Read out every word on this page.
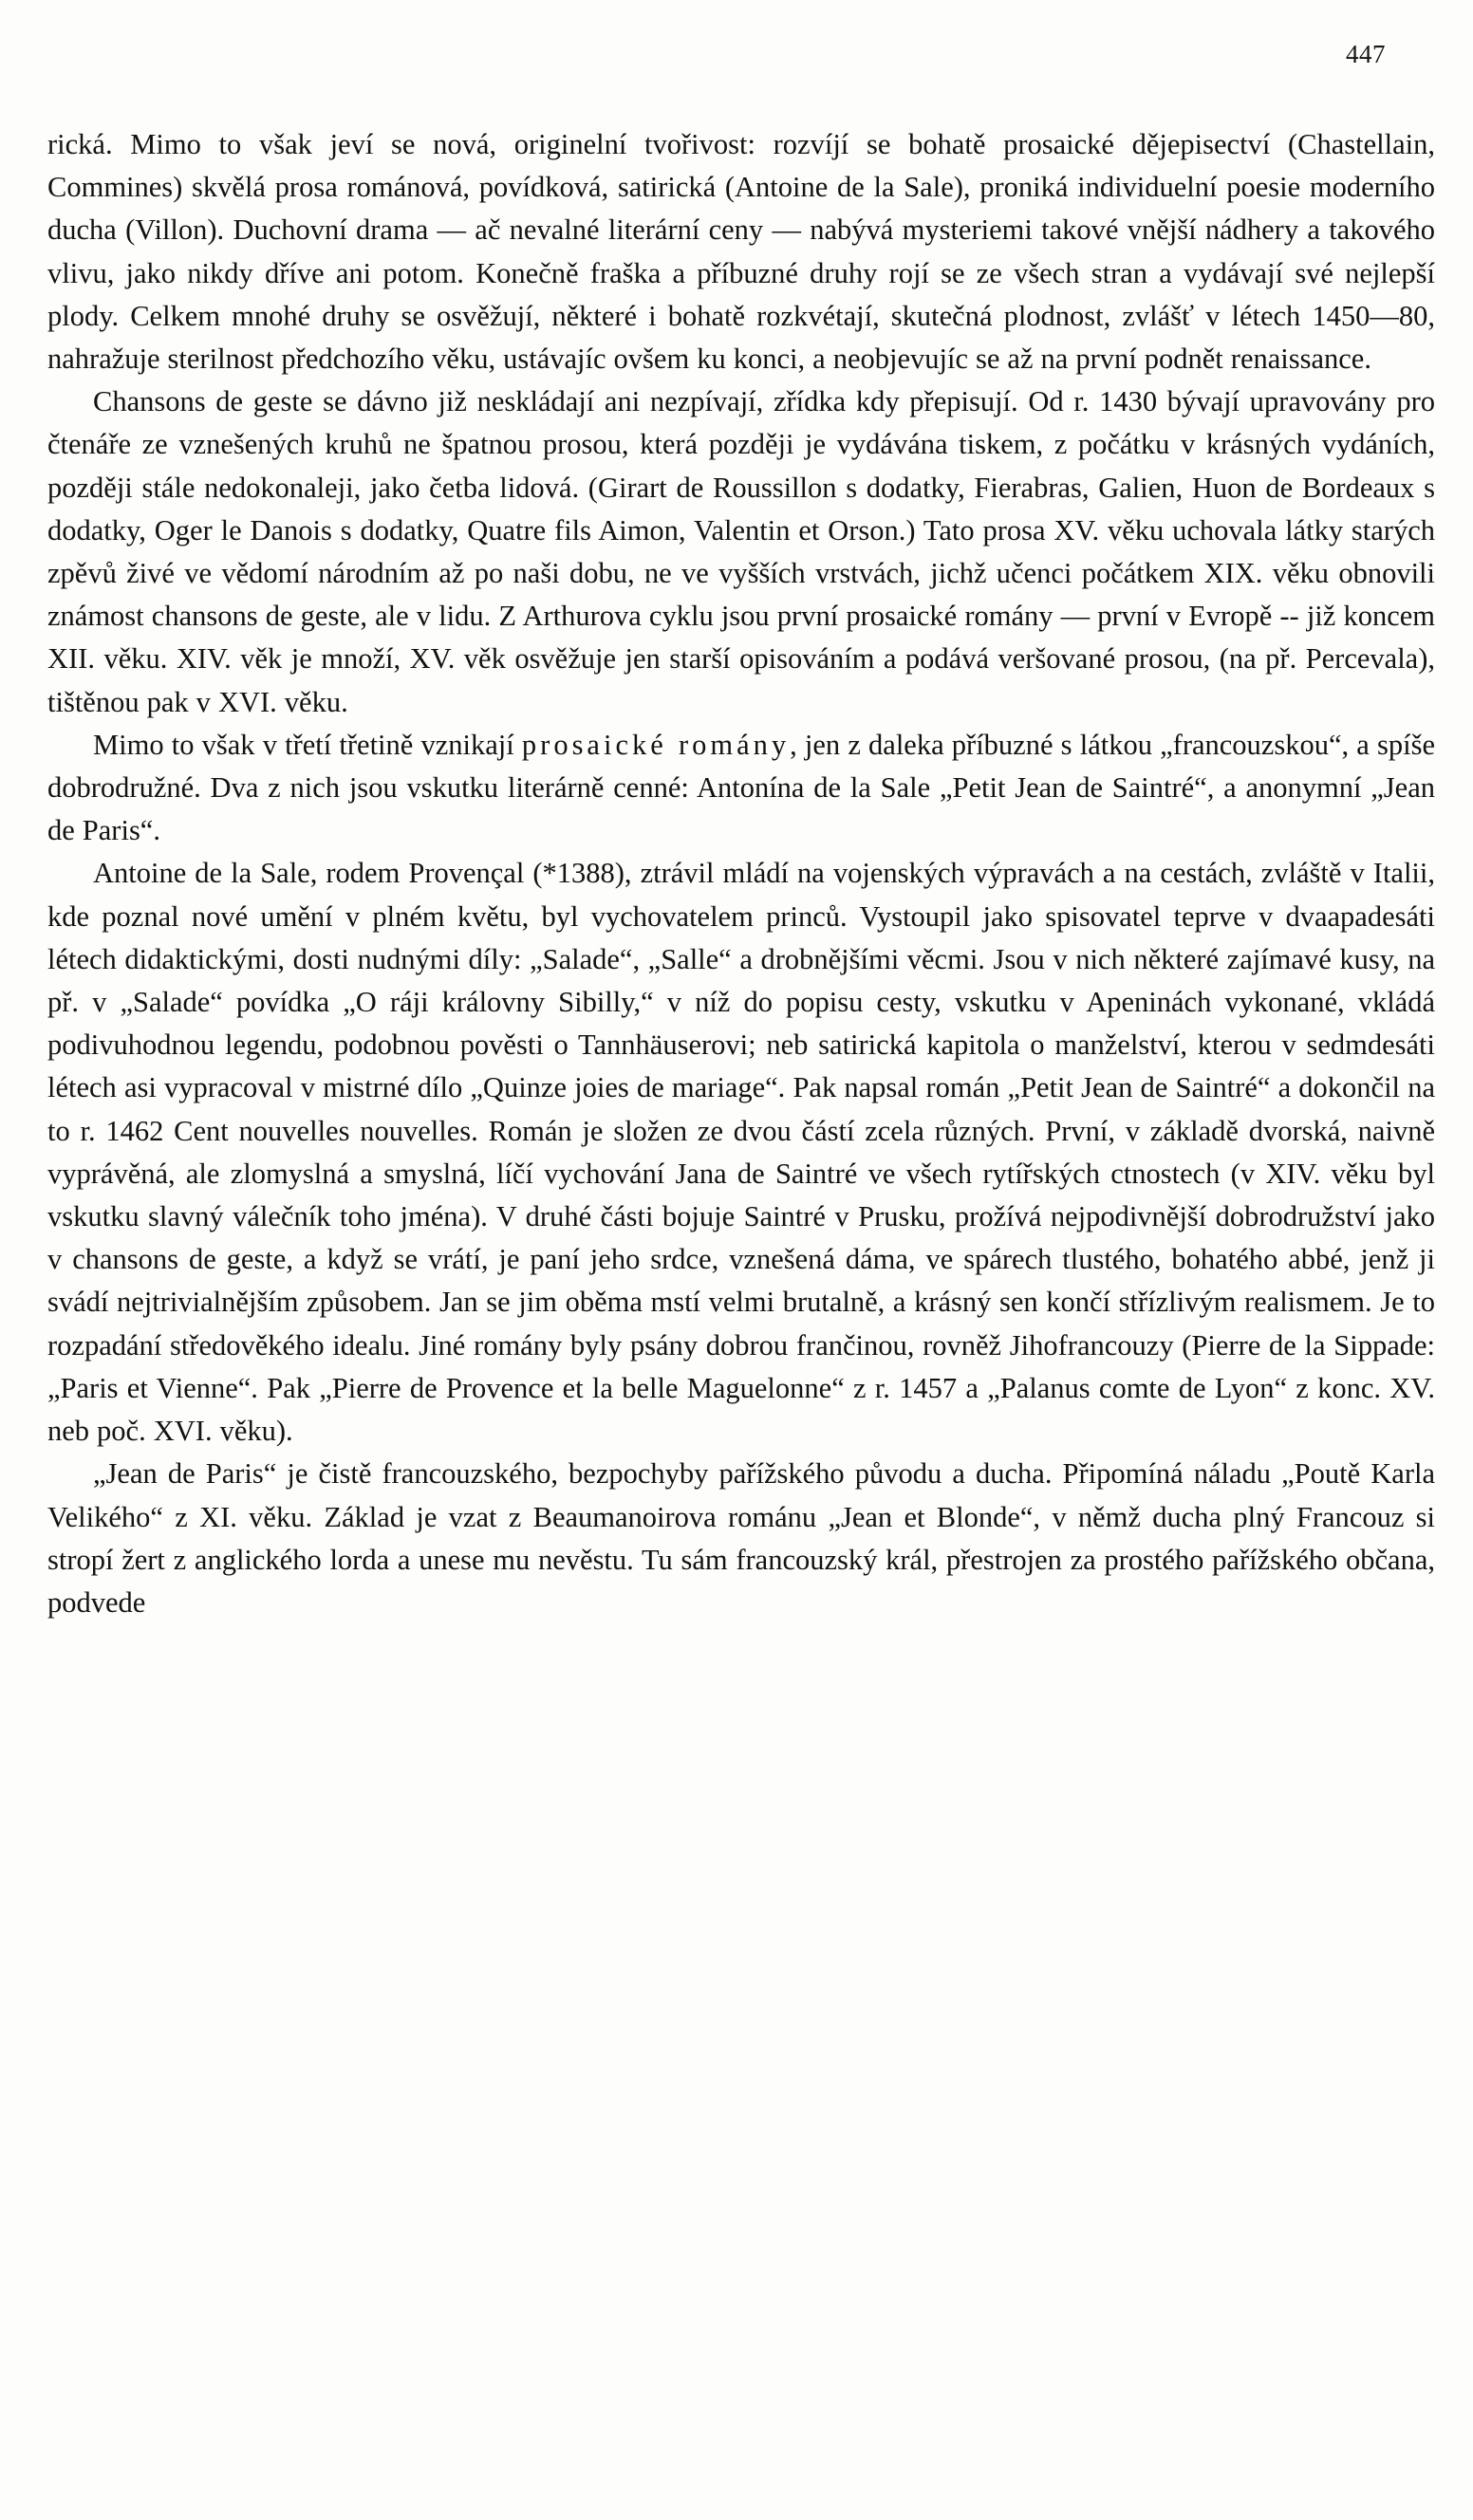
447

rická. Mimo to však jeví se nová, originelní tvořivost: rozvíjí se bohatě prosaické dějepisectví (Chastellain, Commines) skvělá prosa románová, povídková, satirická (Antoine de la Sale), proniká individuelní poesie moderního ducha (Villon). Duchovní drama — ač nevalné literární ceny — nabývá mysteriemi takové vnější nádhery a takového vlivu, jako nikdy dříve ani potom. Konečně fraška a příbuzné druhy rojí se ze všech stran a vydávají své nejlepší plody. Celkem mnohé druhy se osvěžují, některé i bohatě rozkvétají, skutečná plodnost, zvlášť v létech 1450—80, nahražuje sterilnost předchozího věku, ustávajíc ovšem ku konci, a neobjevujíc se až na první podnět renaissance.

Chansons de geste se dávno již neskládají ani nezpívají, zřídka kdy přepisují. Od r. 1430 bývají upravovány pro čtenáře ze vznešených kruhů ne špatnou prosou, která později je vydávána tiskem, z počátku v krásných vydáních, později stále nedokonaleji, jako četba lidová. (Girart de Roussillon s dodatky, Fierabras, Galien, Huon de Bordeaux s dodatky, Oger le Danois s dodatky, Quatre fils Aimon, Valentin et Orson.) Tato prosa XV. věku uchovala látky starých zpěvů živé ve vědomí národním až po naši dobu, ne ve vyšších vrstvách, jichž učenci počátkem XIX. věku obnovili známost chansons de geste, ale v lidu. Z Arthurova cyklu jsou první prosaické romány — první v Evropě -- již koncem XII. věku. XIV. věk je množí, XV. věk osvěžuje jen starší opisováním a podává veršované prosou, (na př. Percevala), tištěnou pak v XVI. věku.

Mimo to však v třetí třetině vznikají prosaické romány, jen z daleka příbuzné s látkou „francouzskou“, a spíše dobrodružné. Dva z nich jsou vskutku literárně cenné: Antonína de la Sale „Petit Jean de Saintré“, a anonymní „Jean de Paris“.

Antoine de la Sale, rodem Provençal (*1388), ztrávil mládí na vojenských výpravách a na cestách, zvláště v Italii, kde poznal nové umění v plném květu, byl vychovatelem princů. Vystoupil jako spisovatel teprve v dvaapadesáti létech didaktickými, dosti nudnými díly: „Salade“, „Salle“ a drobnějšími věcmi. Jsou v nich některé zajímavé kusy, na př. v „Salade“ povídka „O ráji královny Sibilly,“ v níž do popisu cesty, vskutku v Apeninách vykonané, vkládá podivuhodnou legendu, podobnou pověsti o Tannhäuserovi; neb satirická kapitola o manželství, kterou v sedmdesáti létech asi vypracoval v mistrné dílo „Quinze joies de mariage“. Pak napsal román „Petit Jean de Saintré“ a dokončil na to r. 1462 Cent nouvelles nouvelles. Román je složen ze dvou částí zcela různých. První, v základě dvorská, naivně vyprávěná, ale zlomyslná a smyslná, líčí vychování Jana de Saintré ve všech rytířských ctnostech (v XIV. věku byl vskutku slavný válečník toho jména). V druhé části bojuje Saintré v Prusku, prožívá nejpodivnější dobrodružství jako v chansons de geste, a když se vrátí, je paní jeho srdce, vznešená dáma, ve spárech tlustého, bohatého abbé, jenž ji svádí nejtrivialnějším způsobem. Jan se jim oběma mstí velmi brutalně, a krásný sen končí střízlivým realismem. Je to rozpadání středověkého idealu. Jiné romány byly psány dobrou frančinou, rovněž Jihofrancouzy (Pierre de la Sippade: „Paris et Vienne“. Pak „Pierre de Provence et la belle Maguelonne“ z r. 1457 a „Palanus comte de Lyon“ z konc. XV. neb poč. XVI. věku).

„Jean de Paris“ je čistě francouzského, bezpochyby pařížského původu a ducha. Připomíná náladu „Poutě Karla Velikého“ z XI. věku. Základ je vzat z Beaumanoirova románu „Jean et Blonde“, v němž ducha plný Francouz si stropí žert z anglického lorda a unese mu nevěstu. Tu sám francouzský král, přestrojen za prostého pařížského občana, podvede
